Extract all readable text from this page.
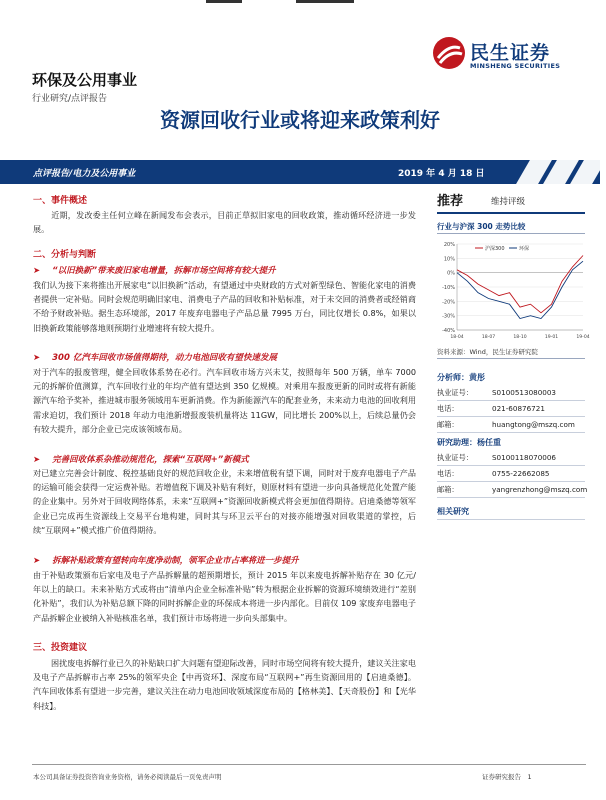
民生证券
MINSHENG SECURITIES
环保及公用事业
行业研究/点评报告
资源回收行业或将迎来政策利好
点评报告/电力及公用事业	2019 年 4 月 18 日
一、事件概述
近期，发改委主任何立峰在新闻发布会表示，目前正草拟旧家电的回收政策，推动循环经济进一步发展。
二、分析与判断
➤ “以旧换新”带来废旧家电增量，拆解市场空间将有较大提升
我们认为接下来将推出开展家电“以旧换新”活动，有望通过中央财政的方式对新型绿色、智能化家电的消费者提供一定补贴。同时会规范明确旧家电、消费电子产品的回收和补贴标准，对于未交回的消费者或经销商不给予财政补贴。据生态环境部，2017 年废弃电器电子产品总量 7995 万台，同比仅增长 0.8%，如果以旧换新政策能够落地则预期行业增速将有较大提升。
➤ 300 亿汽车回收市场值得期待，动力电池回收有望快速发展
对于汽车的报废管理，健全回收体系势在必行。汽车回收市场方兴未艾，按照每年 500 万辆，单车 7000 元的拆解价值测算，汽车回收行业的年均产值有望达到 350 亿规模。对乘用车报废更新的同时或将有新能源汽车给予奖补，推进城市服务领域用车更新消费。作为新能源汽车的配套业务，未来动力电池的回收利用需求迫切，我们预计 2018 年动力电池新增报废装机量将达 11GW，同比增长 200%以上，后续总量仍会有较大提升，部分企业已完成该领域布局。
➤ 完善回收体系杂推动规范化，探索“互联网+”新模式
对已建立完善会计制度、税控基础良好的规范回收企业，未来增值税有望下调，同时对于废弃电器电子产品的运输可能会获得一定运费补贴。若增值税下调及补贴有利好，则原材料有望进一步向具备规范化处置产能的企业集中。另外对于回收网络体系，未来“互联网+”资源回收新模式将会更加值得期待。启迪桑德等领军企业已完成再生资源线上交易平台地构建，同时其与环卫云平台的对接亦能增强对回收渠道的掌控，后续“互联网+”模式推广价值得期待。
➤ 拆解补贴政策有望转向年度净动制，领军企业市占率将进一步提升
由于补贴政策颁布后家电及电子产品拆解量的超预期增长，预计 2015 年以来废电拆解补贴存在 30 亿元/年以上的缺口。未来补贴方式或将由“清单内企业全标准补贴”转为根据企业拆解的资源环境绩效进行“差别化补贴”，我们认为补贴总额下降的同时拆解企业的环保成本将进一步内部化。目前仅 109 家废弃电器电子产品拆解企业被纳入补贴核准名单，我们预计市场将进一步向头部集中。
三、投资建议
困扰废电拆解行业已久的补贴缺口扩大问题有望迎际改善，同时市场空间将有较大提升，建议关注家电及电子产品拆解市占率 25%的领军央企【中再资环】、深度布局“互联网+”再生资源回用的【启迪桑德】。汽车回收体系有望进一步完善，建议关注在动力电池回收领域深度布局的【格林美】、【天奇股份】和【光华科技】。
推荐	维持评级
行业与沪深 300 走势比较
20%
10%
0%
-10%
-20%
-30%
-40%
18-04	18-07	18-10	19-01	19-04
沪深300	环保
资料来源：Wind，民生证券研究院
分析师：黄彤
执业证号：	S0100513080003
电话：	021-60876721
邮箱：	huangtong@mszq.com
研究助理：杨任重
执业证号：	S0100118070006
电话：	0755-22662085
邮箱：	yangrenzhong@mszq.com
相关研究
本公司具备证券投资咨询业务资格，请务必阅读最后一页免责声明	证券研究报告　1
